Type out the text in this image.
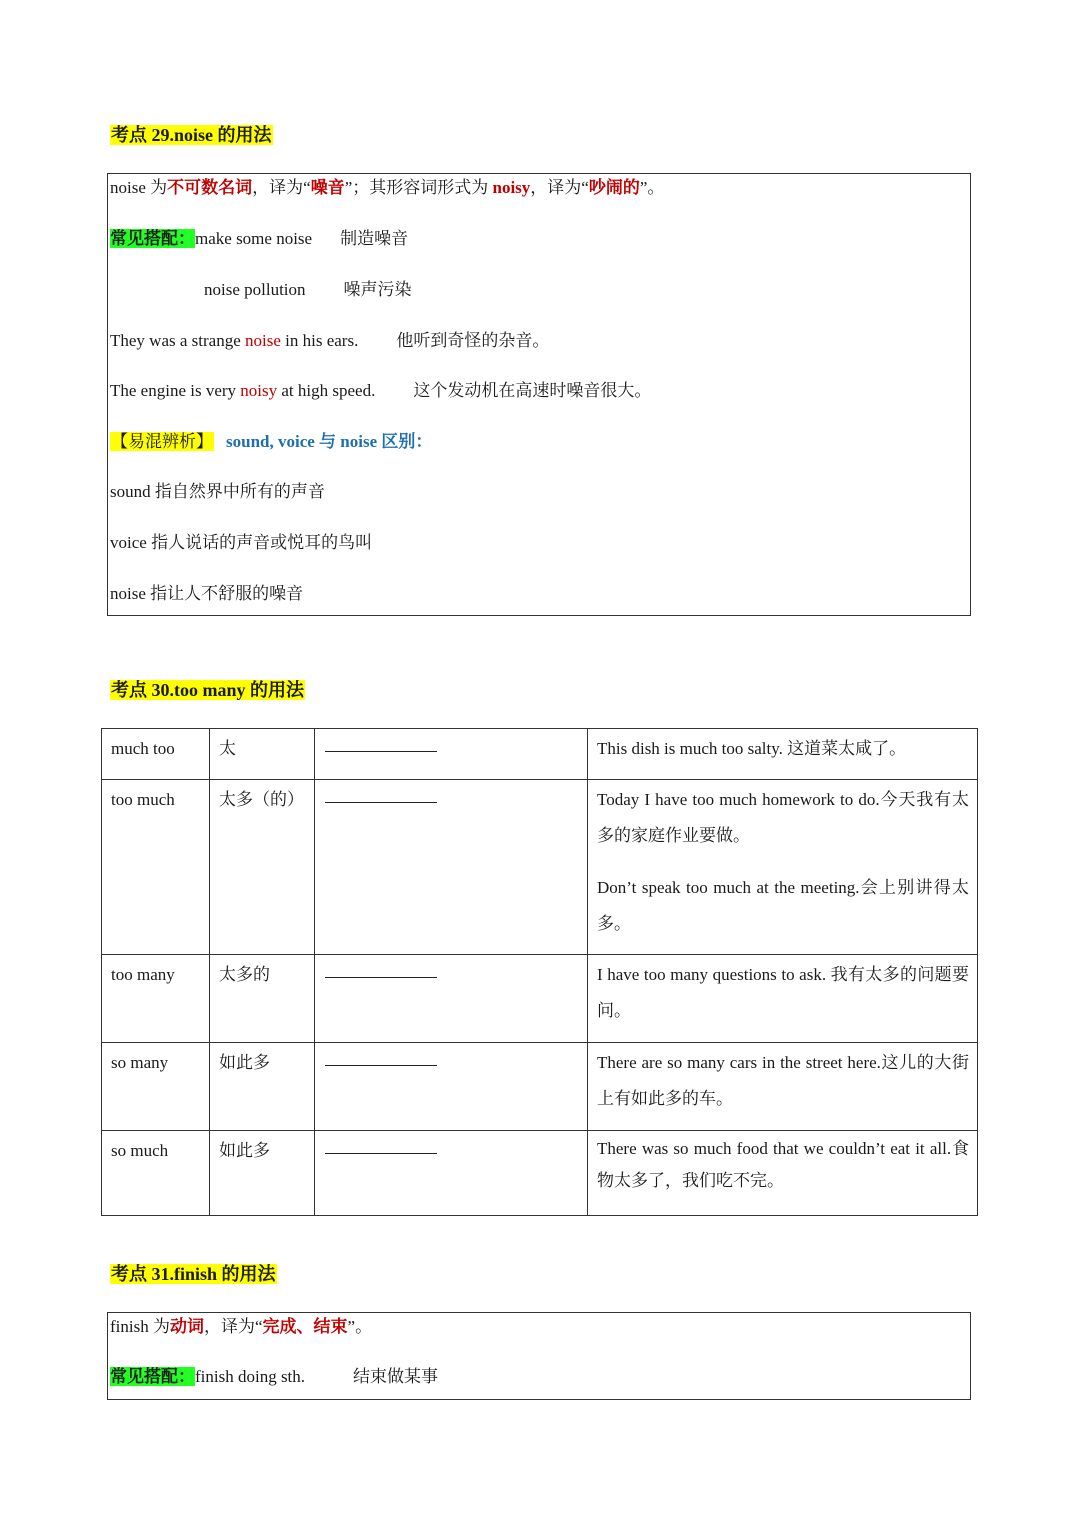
考点 29.noise 的用法
noise 为不可数名词，译为“噪音”；其形容词形式为 noisy，译为“吵闹的”。
常见搭配：make some noise 制造噪音
noise pollution 噪声污染
They was a strange noise in his ears. 他听到奇怪的杂音。
The engine is very noisy at high speed. 这个发动机在高速时噪音很大。
【易混辨析】 sound, voice 与 noise 区别：
sound 指自然界中所有的声音
voice 指人说话的声音或悦耳的鸟叫
noise 指让人不舒服的噪音
考点 30.too many 的用法
much too	太		This dish is much too salty. 这道菜太咸了。

too much	太多（的）		Today I have too much homework to do.今天我有太多的家庭作业要做。

Don’t speak too much at the meeting.会上别讲得太多。

too many	太多的		I have too many questions to ask. 我有太多的问题要问。

so many	如此多		There are so many cars in the street here.这儿的大街上有如此多的车。

so much	如此多		There was so much food that we couldn’t eat it all.食物太多了，我们吃不完。

考点 31.finish 的用法
finish 为动词，译为“完成、结束”。
常见搭配：finish doing sth.	结束做某事
